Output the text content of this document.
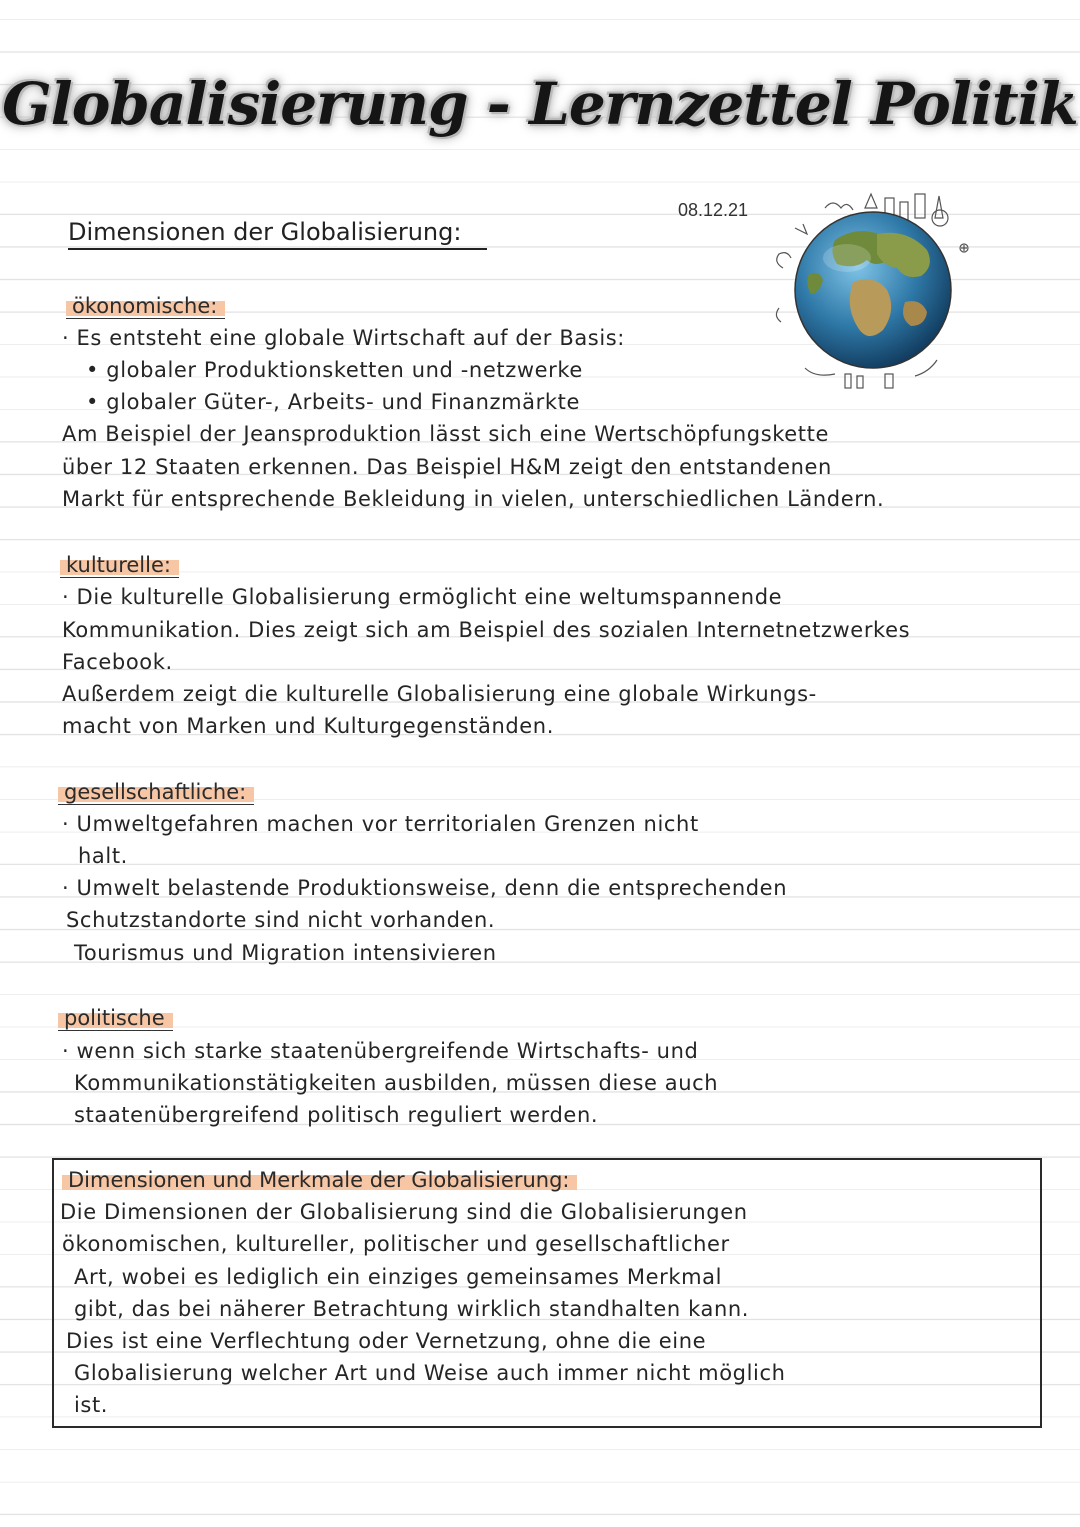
Globalisierung - Lernzettel Politik
08.12.21
Dimensionen der Globalisierung:
ökonomische:
· Es entsteht eine globale Wirtschaft auf der Basis:
• globaler Produktionsketten und -netzwerke
• globaler Güter-, Arbeits- und Finanzmärkte
Am Beispiel der Jeansproduktion lässt sich eine Wertschöpfungskette
über 12 Staaten erkennen. Das Beispiel H&M zeigt den entstandenen
Markt für entsprechende Bekleidung in vielen, unterschiedlichen Ländern.
kulturelle:
· Die kulturelle Globalisierung ermöglicht eine weltumspannende
Kommunikation. Dies zeigt sich am Beispiel des sozialen Internetnetzwerkes
Facebook.
Außerdem zeigt die kulturelle Globalisierung eine globale Wirkungs-
macht von Marken und Kulturgegenständen.
gesellschaftliche:
· Umweltgefahren machen vor territorialen Grenzen nicht
halt.
· Umwelt belastende Produktionsweise, denn die entsprechenden
Schutzstandorte sind nicht vorhanden.
Tourismus und Migration intensivieren
politische
· wenn sich starke staatenübergreifende Wirtschafts- und
Kommunikationstätigkeiten ausbilden, müssen diese auch
staatenübergreifend politisch reguliert werden.
Dimensionen und Merkmale der Globalisierung:
Die Dimensionen der Globalisierung sind die Globalisierungen
ökonomischen, kultureller, politischer und gesellschaftlicher
Art, wobei es lediglich ein einziges gemeinsames Merkmal
gibt, das bei näherer Betrachtung wirklich standhalten kann.
Dies ist eine Verflechtung oder Vernetzung, ohne die eine
Globalisierung welcher Art und Weise auch immer nicht möglich
ist.
